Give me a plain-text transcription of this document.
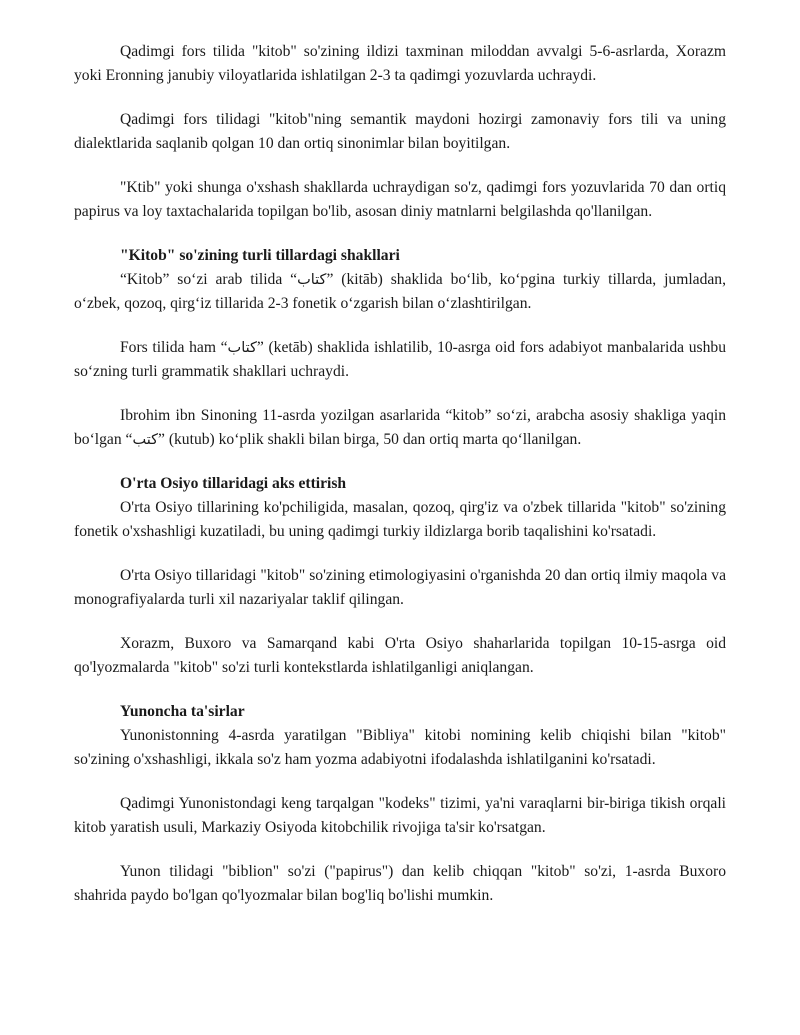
Qadimgi fors tilida "kitob" so'zining ildizi taxminan miloddan avvalgi 5-6-asrlarda, Xorazm yoki Eronning janubiy viloyatlarida ishlatilgan 2-3 ta qadimgi yozuvlarda uchraydi.

Qadimgi fors tilidagi "kitob"ning semantik maydoni hozirgi zamonaviy fors tili va uning dialektlarida saqlanib qolgan 10 dan ortiq sinonimlar bilan boyitilgan.

"Ktib" yoki shunga o'xshash shakllarda uchraydigan so'z, qadimgi fors yozuvlarida 70 dan ortiq papirus va loy taxtachalarida topilgan bo'lib, asosan diniy matnlarni belgilashda qo'llanilgan.

"Kitob" so'zining turli tillardagi shakllari

“Kitob” so‘zi arab tilida “كتاب” (kitāb) shaklida bo‘lib, ko‘pgina turkiy tillarda, jumladan, o‘zbek, qozoq, qirg‘iz tillarida 2-3 fonetik o‘zgarish bilan o‘zlashtirilgan.

Fors tilida ham “كتاب” (ketāb) shaklida ishlatilib, 10-asrga oid fors adabiyot manbalarida ushbu so‘zning turli grammatik shakllari uchraydi.

Ibrohim ibn Sinoning 11-asrda yozilgan asarlarida “kitob” so‘zi, arabcha asosiy shakliga yaqin bo‘lgan “كتب” (kutub) ko‘plik shakli bilan birga, 50 dan ortiq marta qo‘llanilgan.

O'rta Osiyo tillaridagi aks ettirish

O'rta Osiyo tillarining ko'pchiligida, masalan, qozoq, qirg'iz va o'zbek tillarida "kitob" so'zining fonetik o'xshashligi kuzatiladi, bu uning qadimgi turkiy ildizlarga borib taqalishini ko'rsatadi.

O'rta Osiyo tillaridagi "kitob" so'zining etimologiyasini o'rganishda 20 dan ortiq ilmiy maqola va monografiyalarda turli xil nazariyalar taklif qilingan.

Xorazm, Buxoro va Samarqand kabi O'rta Osiyo shaharlarida topilgan 10-15-asrga oid qo'lyozmalarda "kitob" so'zi turli kontekstlarda ishlatilganligi aniqlangan.

Yunoncha ta'sirlar

Yunonistonning 4-asrda yaratilgan "Bibliya" kitobi nomining kelib chiqishi bilan "kitob" so'zining o'xshashligi, ikkala so'z ham yozma adabiyotni ifodalashda ishlatilganini ko'rsatadi.

Qadimgi Yunonistondagi keng tarqalgan "kodeks" tizimi, ya'ni varaqlarni bir-biriga tikish orqali kitob yaratish usuli, Markaziy Osiyoda kitobchilik rivojiga ta'sir ko'rsatgan.

Yunon tilidagi "biblion" so'zi ("papirus") dan kelib chiqqan "kitob" so'zi, 1-asrda Buxoro shahrida paydo bo'lgan qo'lyozmalar bilan bog'liq bo'lishi mumkin.
